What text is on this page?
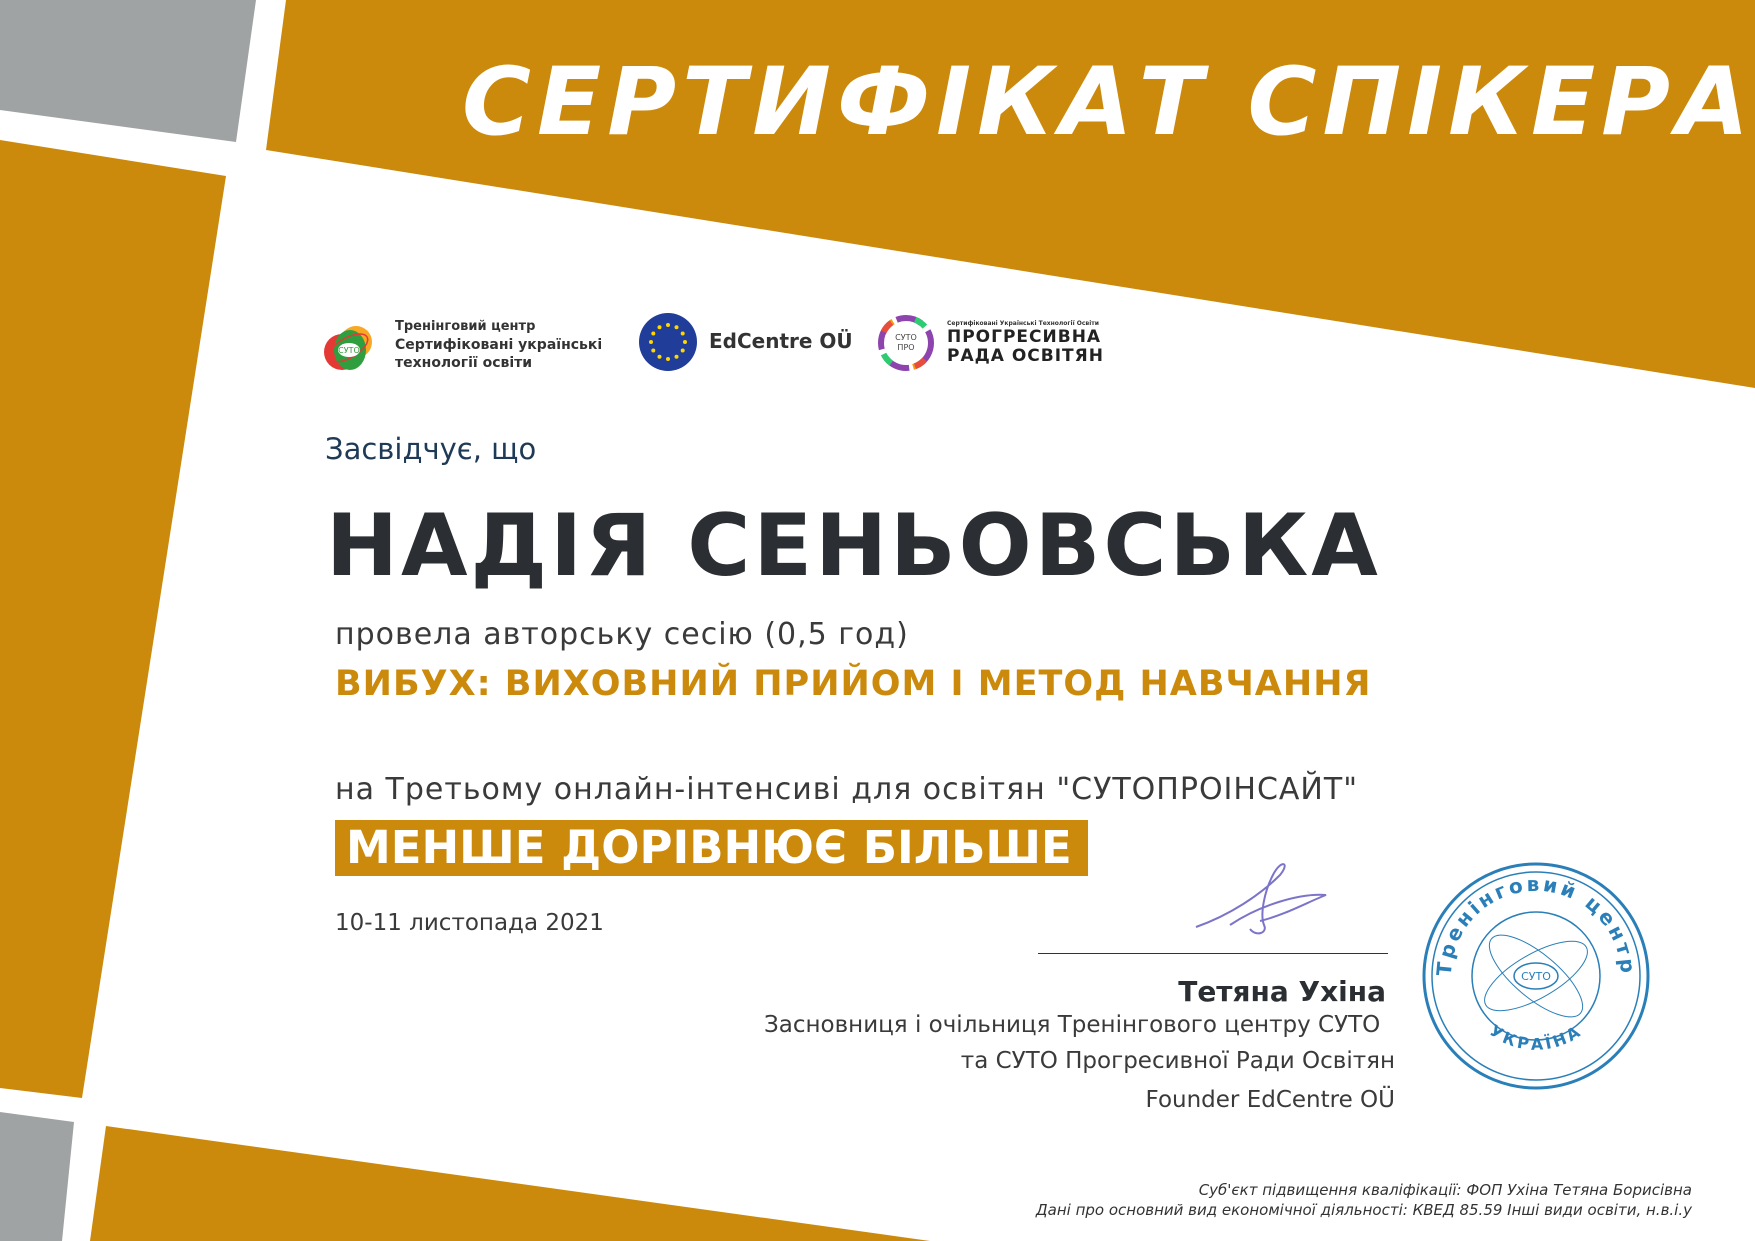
СЕРТИФІКАТ СПІКЕРА
СУТО
Тренінговий центр
Сертифіковані українські
технології освіти
EdCentre OÜ	СУТО
ПРО
Сертифіковані Українські Технології Освіти
ПРОГРЕСИВНА
РАДА ОСВІТЯН
Засвідчує, що
НАДІЯ СЕНЬОВСЬКА
провела авторську сесію (0,5 год)
ВИБУХ: ВИХОВНИЙ ПРИЙОМ І МЕТОД НАВЧАННЯ
на Третьому онлайн-інтенсиві для освітян "СУТОПРОІНСАЙТ"
МЕНШЕ ДОРІВНЮЄ БІЛЬШЕ
10-11 листопада 2021
Тетяна Ухіна
Засновниця і очільниця Тренінгового центру СУТО
та СУТО Прогресивної Ради Освітян
Founder EdCentre OÜ
Тренінговий центр
СУТО
УКРАЇНА
Суб'єкт підвищення кваліфікації: ФОП Ухіна Тетяна Борисівна
Дані про основний вид економічної діяльності: КВЕД 85.59 Інші види освіти, н.в.і.у
